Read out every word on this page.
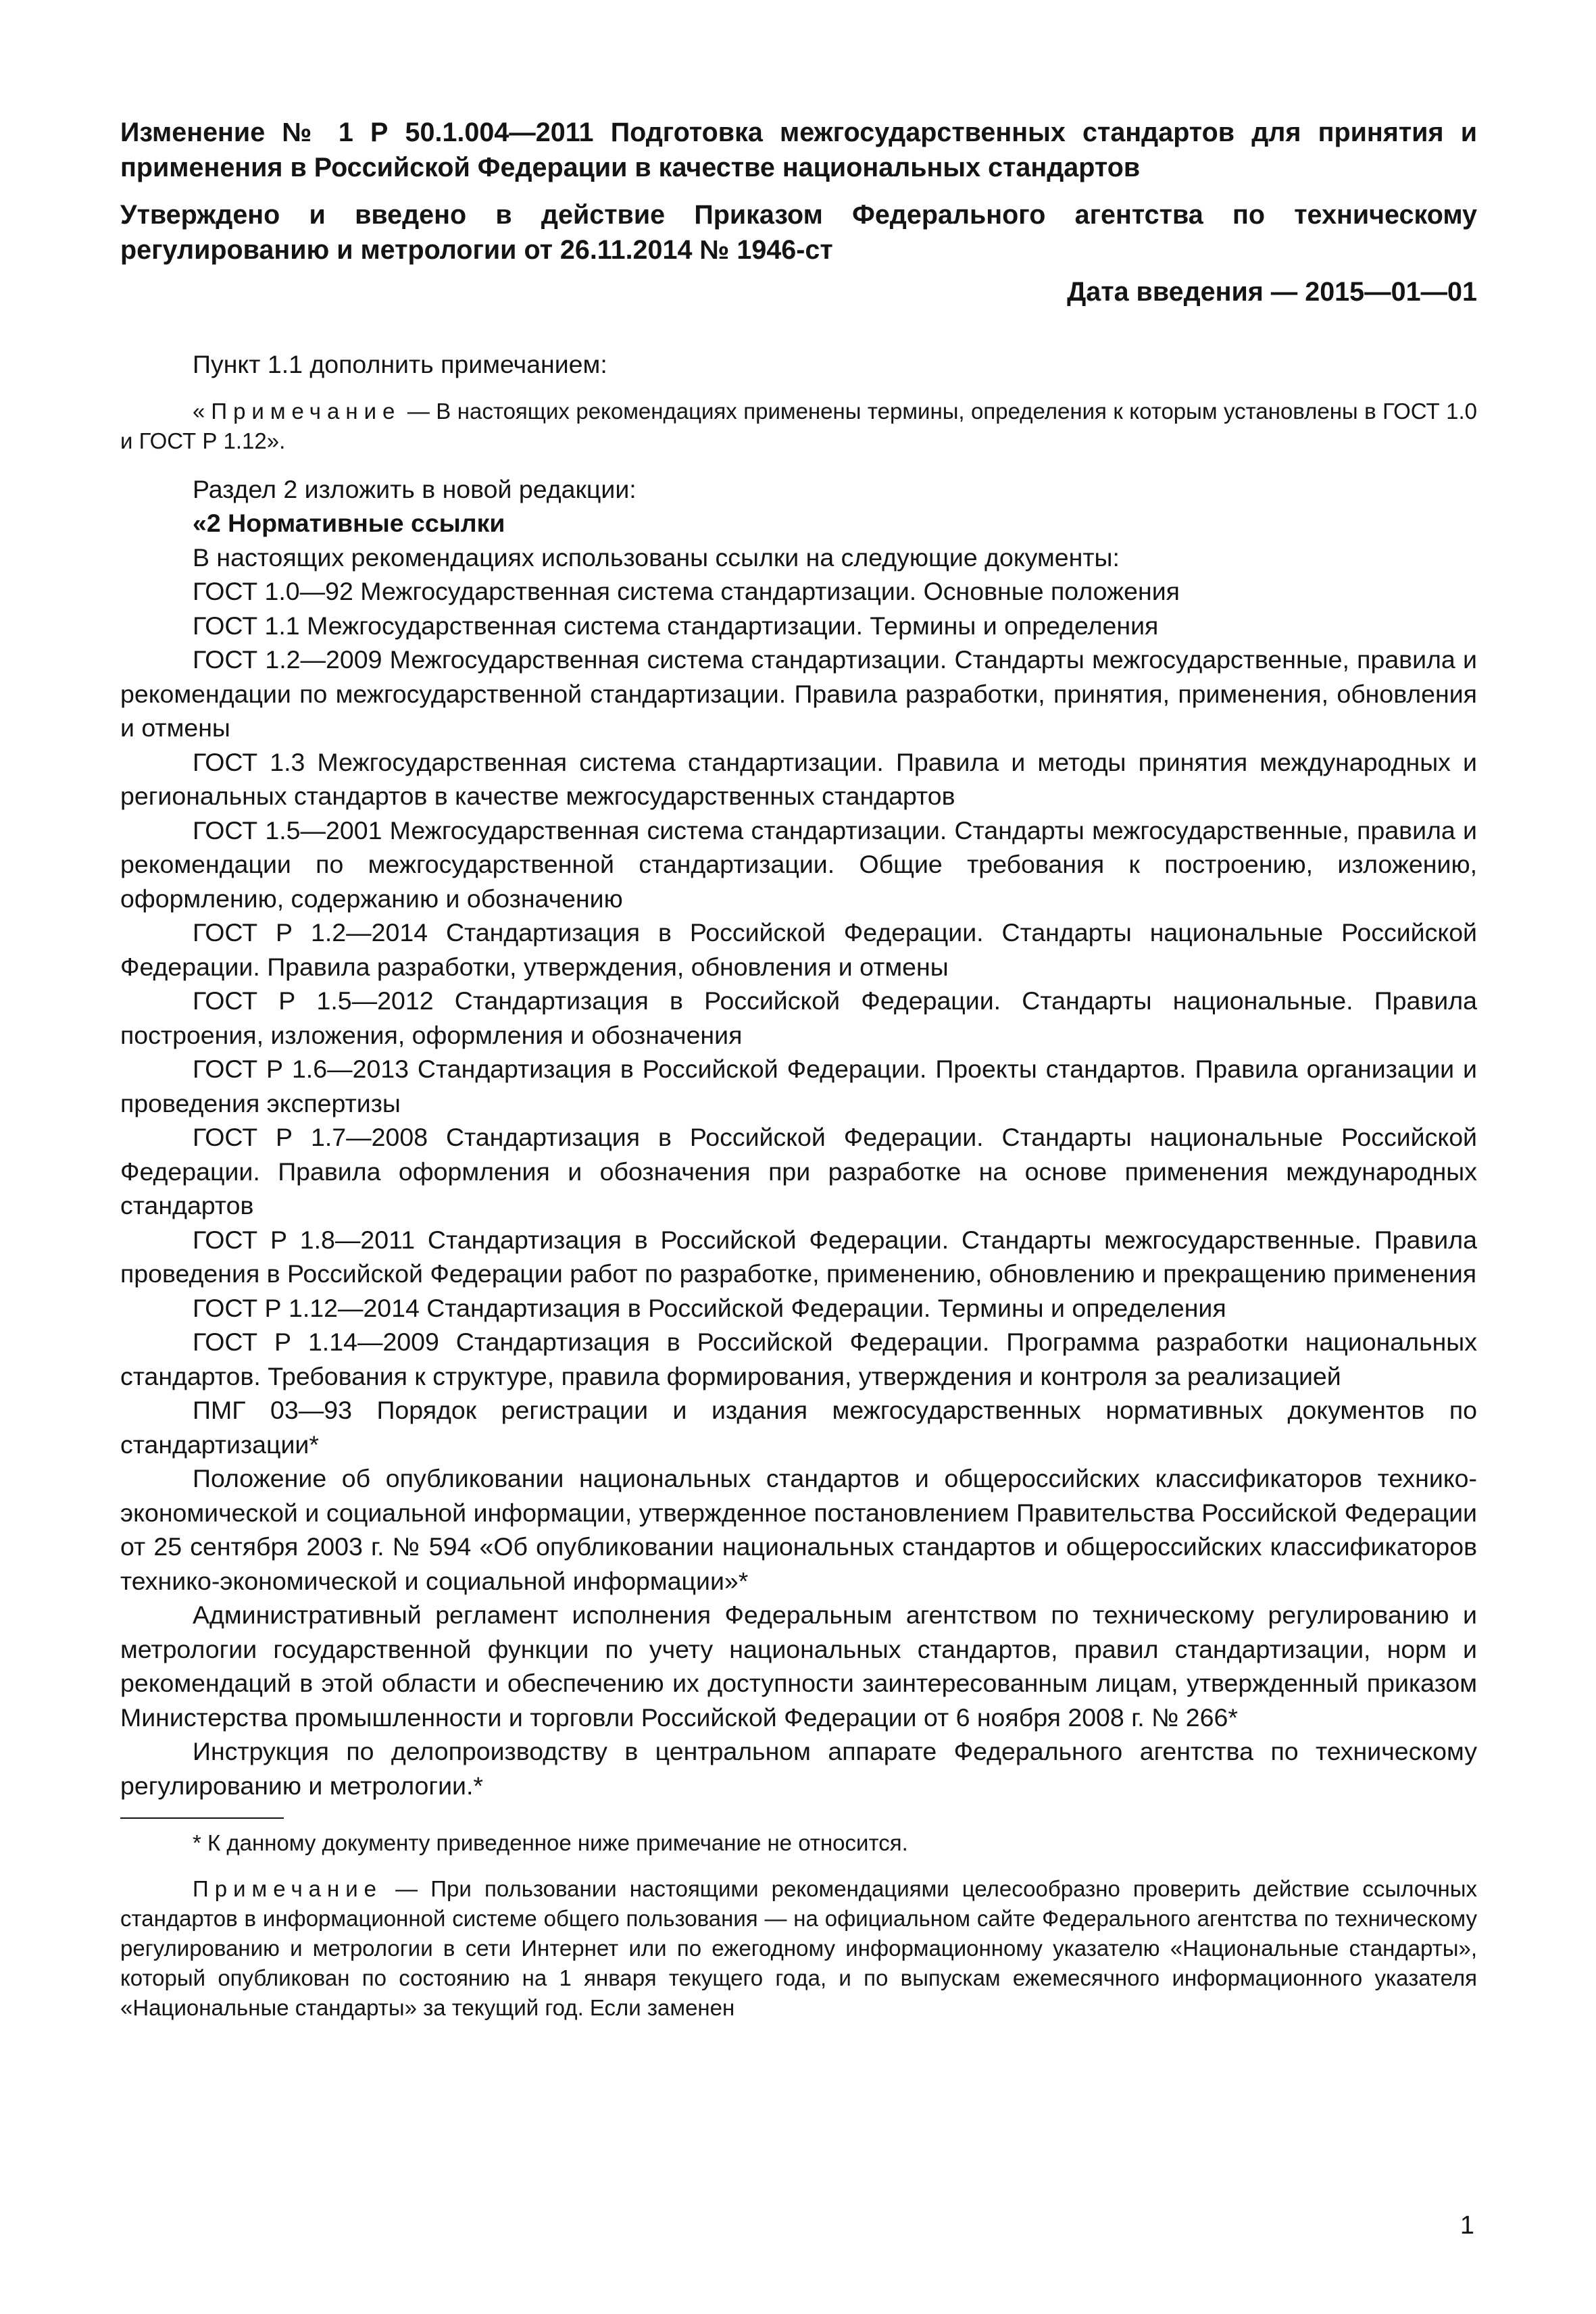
Изменение № 1 Р 50.1.004—2011 Подготовка межгосударственных стандартов для принятия и применения в Российской Федерации в качестве национальных стандартов

Утверждено и введено в действие Приказом Федерального агентства по техническому регулированию и метрологии от 26.11.2014 № 1946-ст

Дата введения — 2015—01—01

Пункт 1.1 дополнить примечанием:

«Примечание — В настоящих рекомендациях применены термины, определения к которым установлены в ГОСТ 1.0 и ГОСТ Р 1.12».

Раздел 2 изложить в новой редакции:

«2 Нормативные ссылки

В настоящих рекомендациях использованы ссылки на следующие документы:

ГОСТ 1.0—92 Межгосударственная система стандартизации. Основные положения

ГОСТ 1.1 Межгосударственная система стандартизации. Термины и определения

ГОСТ 1.2—2009 Межгосударственная система стандартизации. Стандарты межгосударственные, правила и рекомендации по межгосударственной стандартизации. Правила разработки, принятия, применения, обновления и отмены

ГОСТ 1.3 Межгосударственная система стандартизации. Правила и методы принятия международных и региональных стандартов в качестве межгосударственных стандартов

ГОСТ 1.5—2001 Межгосударственная система стандартизации. Стандарты межгосударственные, правила и рекомендации по межгосударственной стандартизации. Общие требования к построению, изложению, оформлению, содержанию и обозначению

ГОСТ Р 1.2—2014 Стандартизация в Российской Федерации. Стандарты национальные Российской Федерации. Правила разработки, утверждения, обновления и отмены

ГОСТ Р 1.5—2012 Стандартизация в Российской Федерации. Стандарты национальные. Правила построения, изложения, оформления и обозначения

ГОСТ Р 1.6—2013 Стандартизация в Российской Федерации. Проекты стандартов. Правила организации и проведения экспертизы

ГОСТ Р 1.7—2008 Стандартизация в Российской Федерации. Стандарты национальные Российской Федерации. Правила оформления и обозначения при разработке на основе применения международных стандартов

ГОСТ Р 1.8—2011 Стандартизация в Российской Федерации. Стандарты межгосударственные. Правила проведения в Российской Федерации работ по разработке, применению, обновлению и прекращению применения

ГОСТ Р 1.12—2014 Стандартизация в Российской Федерации. Термины и определения

ГОСТ Р 1.14—2009 Стандартизация в Российской Федерации. Программа разработки национальных стандартов. Требования к структуре, правила формирования, утверждения и контроля за реализацией

ПМГ 03—93 Порядок регистрации и издания межгосударственных нормативных документов по стандартизации*

Положение об опубликовании национальных стандартов и общероссийских классификаторов технико-экономической и социальной информации, утвержденное постановлением Правительства Российской Федерации от 25 сентября 2003 г. № 594 «Об опубликовании национальных стандартов и общероссийских классификаторов технико-экономической и социальной информации»*

Административный регламент исполнения Федеральным агентством по техническому регулированию и метрологии государственной функции по учету национальных стандартов, правил стандартизации, норм и рекомендаций в этой области и обеспечению их доступности заинтересованным лицам, утвержденный приказом Министерства промышленности и торговли Российской Федерации от 6 ноября 2008 г. № 266*

Инструкция по делопроизводству в центральном аппарате Федерального агентства по техническому регулированию и метрологии.*

* К данному документу приведенное ниже примечание не относится.

Примечание — При пользовании настоящими рекомендациями целесообразно проверить действие ссылочных стандартов в информационной системе общего пользования — на официальном сайте Федерального агентства по техническому регулированию и метрологии в сети Интернет или по ежегодному информационному указателю «Национальные стандарты», который опубликован по состоянию на 1 января текущего года, и по выпускам ежемесячного информационного указателя «Национальные стандарты» за текущий год. Если заменен

1
